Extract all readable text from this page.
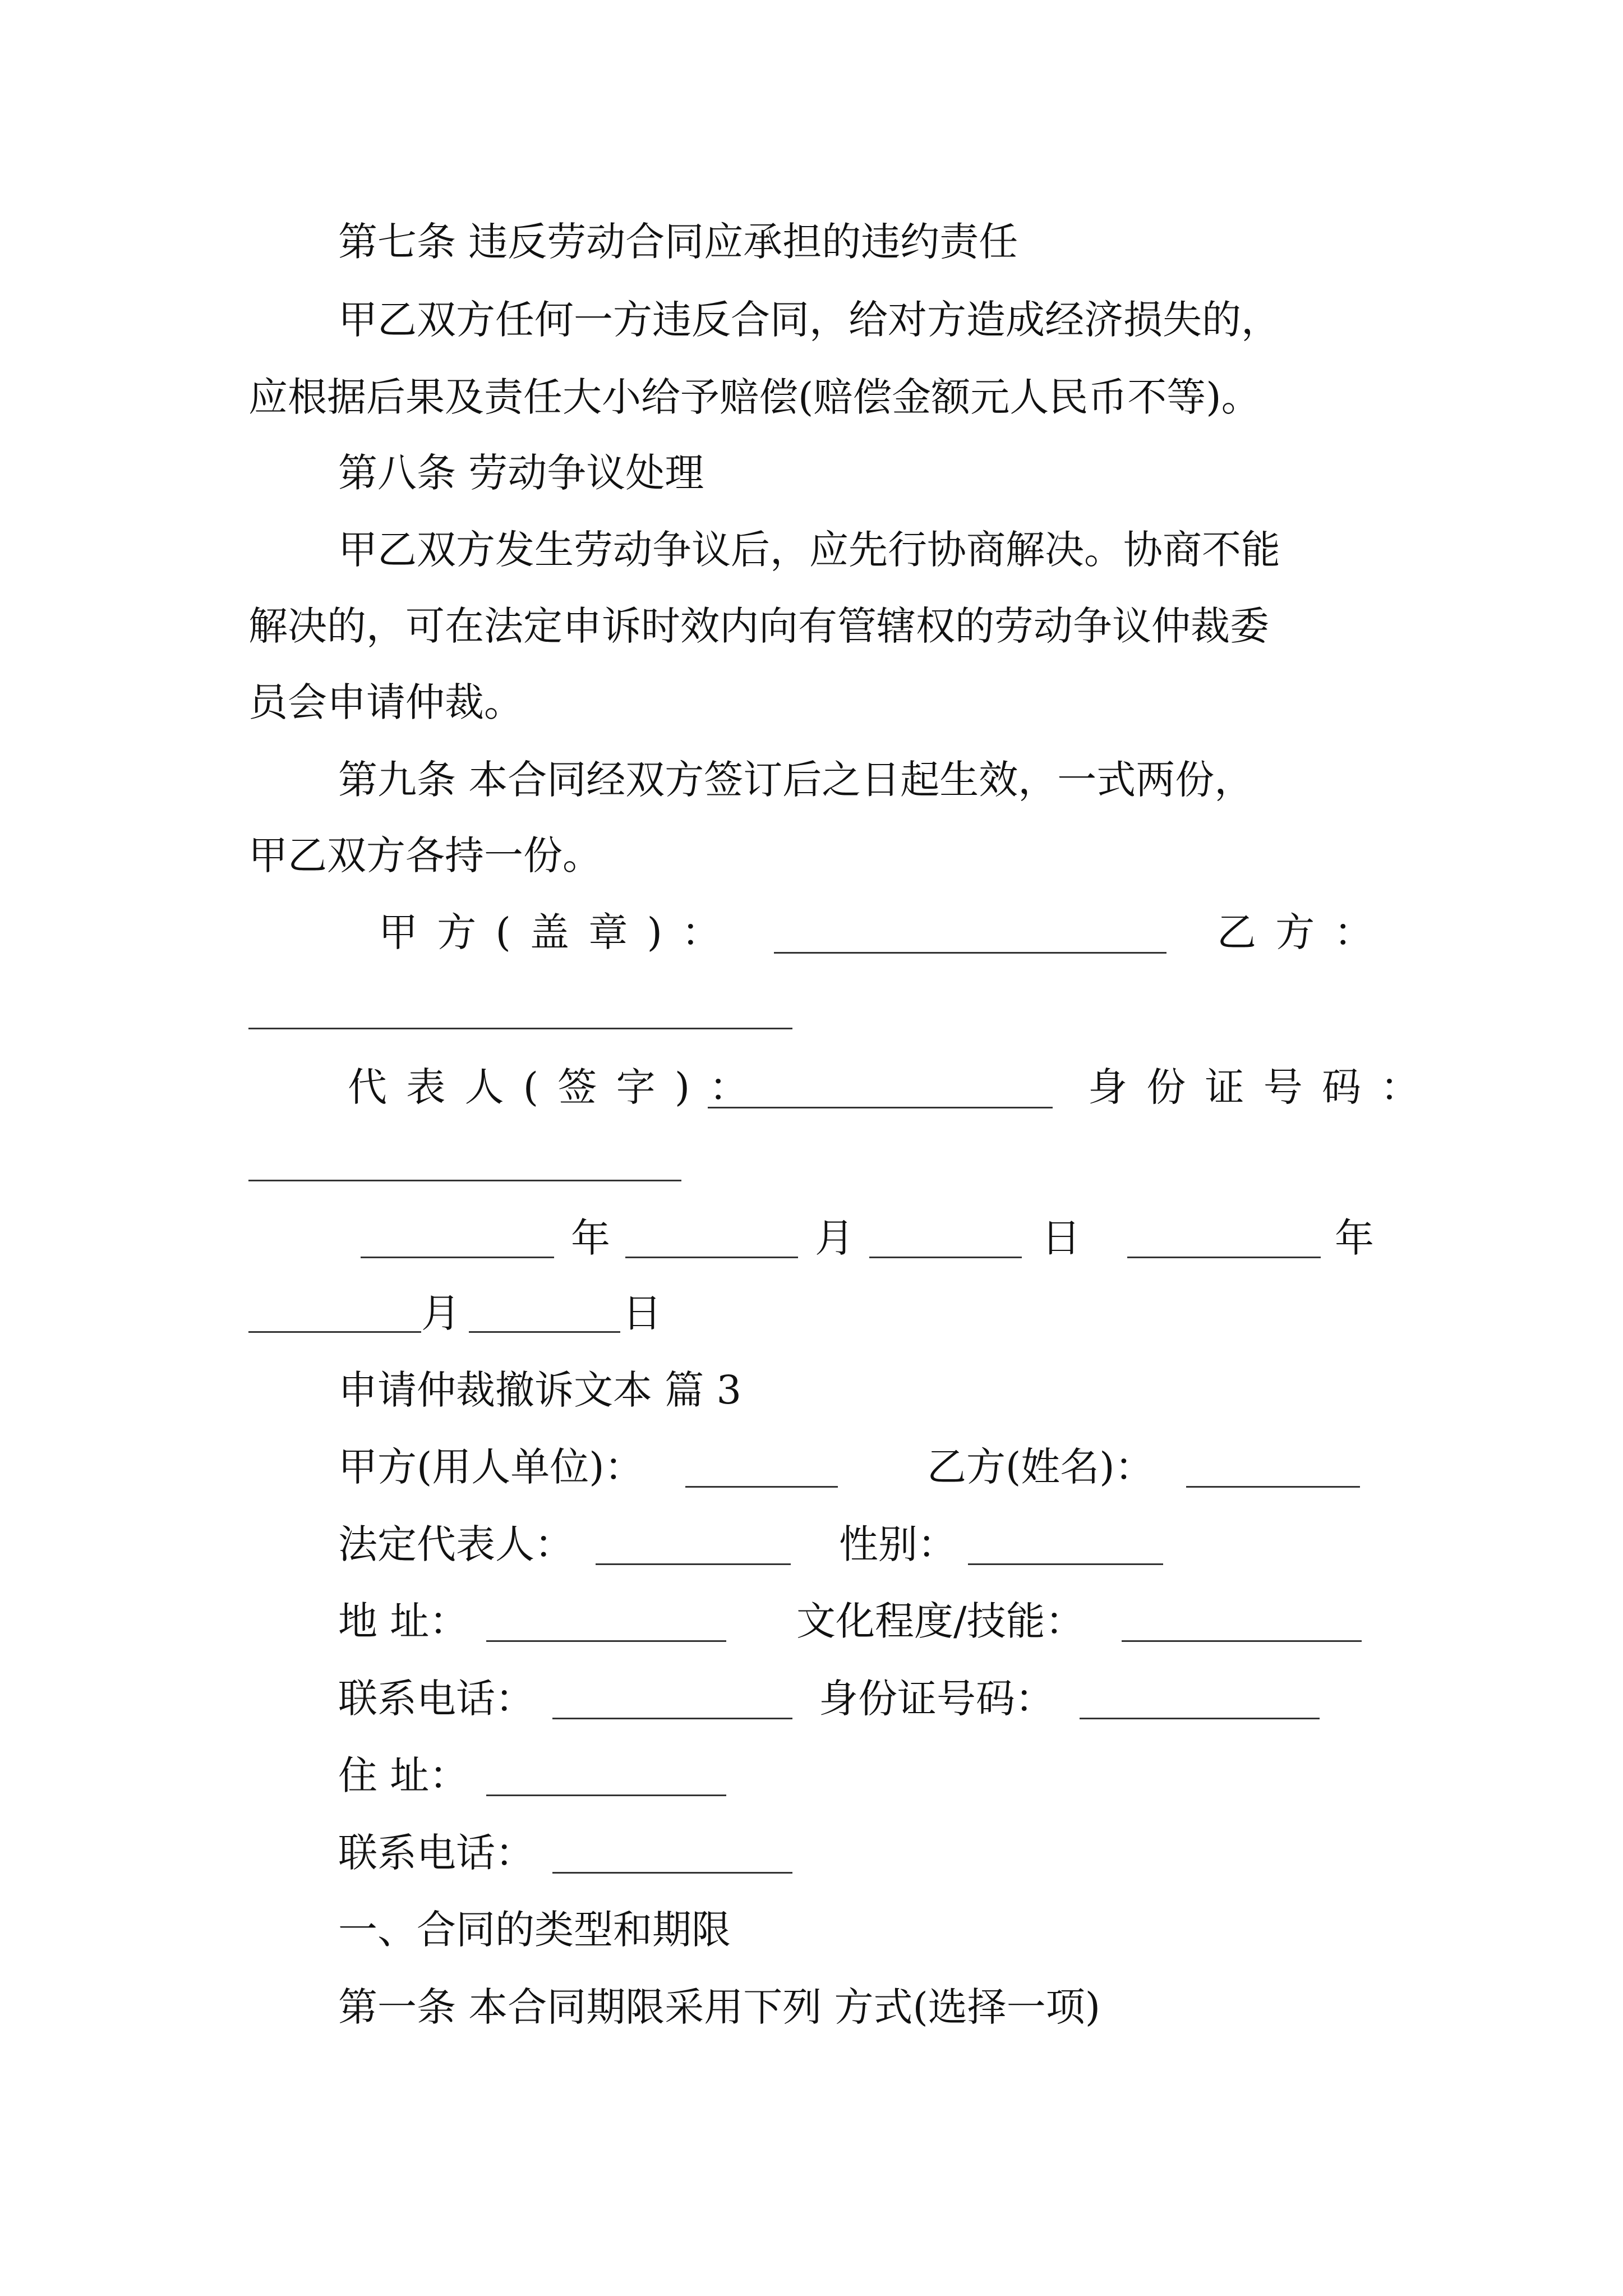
第七条 违反劳动合同应承担的违约责任
甲乙双方任何一方违反合同，给对方造成经济损失的，
应根据后果及责任大小给予赔偿(赔偿金额元人民币不等)。
第八条 劳动争议处理
甲乙双方发生劳动争议后，应先行协商解决。协商不能
解决的，可在法定申诉时效内向有管辖权的劳动争议仲裁委
员会申请仲裁。
第九条 本合同经双方签订后之日起生效，一式两份，
甲乙双方各持一份。
甲 方 ( 盖 章 ) ：	乙 方 ：
代 表 人 ( 签 字 ) ：	身 份 证 号 码 ：
年	月	日	年
月	日
申请仲裁撤诉文本 篇 3
甲方(用人单位)：	乙方(姓名)：
法定代表人：	性别：
地 址：	文化程度/技能：
联系电话：	身份证号码：
住 址：
联系电话：
一、合同的类型和期限
第一条 本合同期限采用下列 方式(选择一项)
